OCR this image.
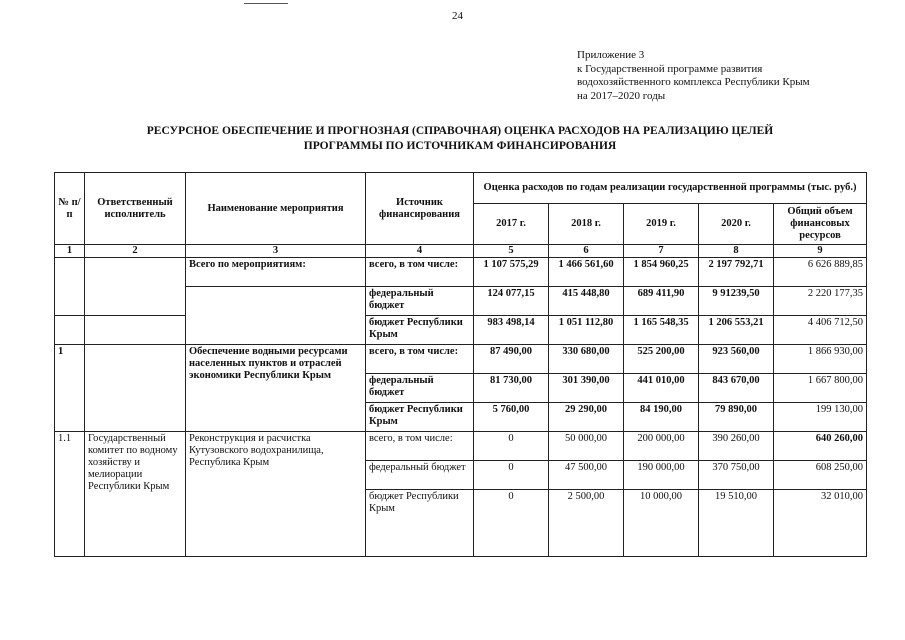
24
Приложение 3
к Государственной программе развития
водохозяйственного комплекса Республики Крым
на 2017–2020 годы
РЕСУРСНОЕ ОБЕСПЕЧЕНИЕ И ПРОГНОЗНАЯ (СПРАВОЧНАЯ) ОЦЕНКА РАСХОДОВ НА РЕАЛИЗАЦИЮ ЦЕЛЕЙ
ПРОГРАММЫ ПО ИСТОЧНИКАМ ФИНАНСИРОВАНИЯ
№ п/п	Ответственный исполнитель	Наименование мероприятия	Источник финансирования	Оценка расходов по годам реализации государственной программы (тыс. руб.)				
				2017 г.	2018 г.	2019 г.	2020 г.	Общий объем финансовых ресурсов
1	2	3	4	5	6	7	8	9
		Всего по мероприятиям:	всего, в том числе:	1 107 575,29	1 466 561,60	1 854 960,25	2 197 792,71	6 626 889,85
			федеральный бюджет	124 077,15	415 448,80	689 411,90	9 91239,50	2 220 177,35
			бюджет Республики Крым	983 498,14	1 051 112,80	1 165 548,35	1 206 553,21	4 406 712,50
1		Обеспечение водными ресурсами населенных пунктов и отраслей экономики Республики Крым	всего, в том числе:	87 490,00	330 680,00	525 200,00	923 560,00	1 866 930,00
			федеральный бюджет	81 730,00	301 390,00	441 010,00	843 670,00	1 667 800,00
			бюджет Республики Крым	5 760,00	29 290,00	84 190,00	79 890,00	199 130,00
1.1	Государственный комитет по водному хозяйству и мелиорации Республики Крым	Реконструкция и расчистка Кутузовского водохранилища, Республика Крым	всего, в том числе:	0	50 000,00	200 000,00	390 260,00	640 260,00
			федеральный бюджет	0	47 500,00	190 000,00	370 750,00	608 250,00
			бюджет Республики Крым	0	2 500,00	10 000,00	19 510,00	32 010,00
